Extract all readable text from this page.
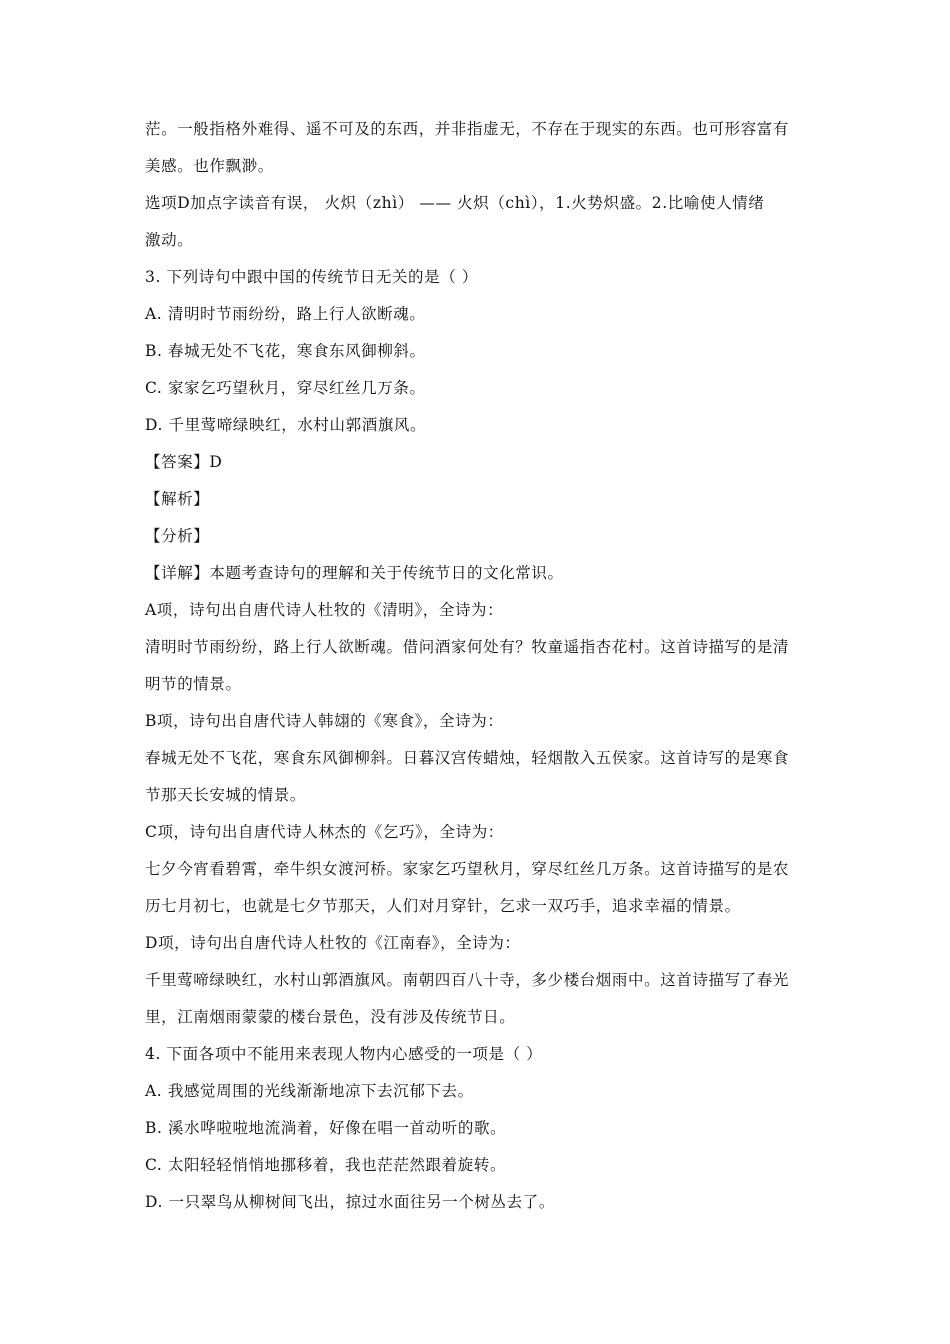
茫。一般指格外难得、遥不可及的东西，并非指虚无，不存在于现实的东西。也可形容富有
美感。也作飘渺。
选项D加点字读音有误， 火炽（zhì） —— 火炽（chì），1.火势炽盛。2.比喻使人情绪
激动。
3. 下列诗句中跟中国的传统节日无关的是（ ）
A. 清明时节雨纷纷，路上行人欲断魂。
B. 春城无处不飞花，寒食东风御柳斜。
C. 家家乞巧望秋月，穿尽红丝几万条。
D. 千里莺啼绿映红，水村山郭酒旗风。
【答案】D
【解析】
【分析】
【详解】本题考查诗句的理解和关于传统节日的文化常识。
A项，诗句出自唐代诗人杜牧的《清明》，全诗为：
清明时节雨纷纷，路上行人欲断魂。借问酒家何处有？牧童遥指杏花村。这首诗描写的是清
明节的情景。
B项，诗句出自唐代诗人韩翃的《寒食》，全诗为：
春城无处不飞花，寒食东风御柳斜。日暮汉宫传蜡烛，轻烟散入五侯家。这首诗写的是寒食
节那天长安城的情景。
C项，诗句出自唐代诗人林杰的《乞巧》，全诗为：
七夕今宵看碧霄，牵牛织女渡河桥。家家乞巧望秋月，穿尽红丝几万条。这首诗描写的是农
历七月初七，也就是七夕节那天，人们对月穿针，乞求一双巧手，追求幸福的情景。
D项，诗句出自唐代诗人杜牧的《江南春》，全诗为：
千里莺啼绿映红，水村山郭酒旗风。南朝四百八十寺，多少楼台烟雨中。这首诗描写了春光
里，江南烟雨蒙蒙的楼台景色，没有涉及传统节日。
4. 下面各项中不能用来表现人物内心感受的一项是（ ）
A. 我感觉周围的光线渐渐地凉下去沉郁下去。
B. 溪水哗啦啦地流淌着，好像在唱一首动听的歌。
C. 太阳轻轻悄悄地挪移着，我也茫茫然跟着旋转。
D. 一只翠鸟从柳树间飞出，掠过水面往另一个树丛去了。
